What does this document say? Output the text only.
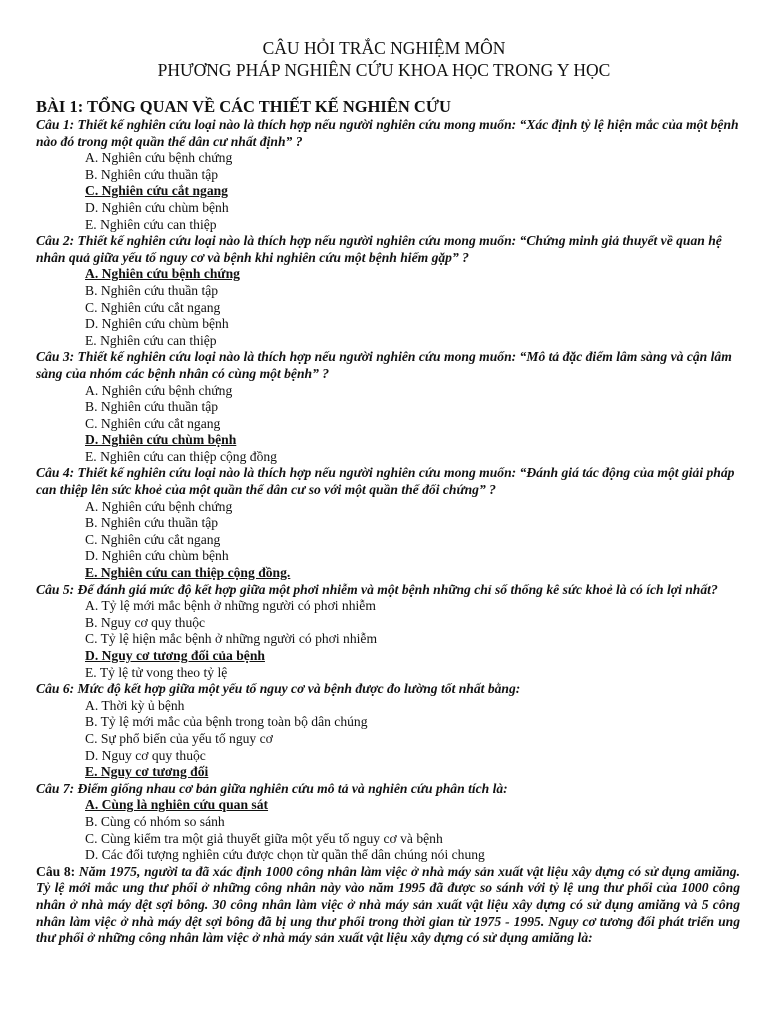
CÂU HỎI TRẮC NGHIỆM MÔN
PHƯƠNG PHÁP NGHIÊN CỨU KHOA HỌC TRONG Y HỌC

BÀI 1: TỔNG QUAN VỀ CÁC THIẾT KẾ NGHIÊN CỨU

Câu 1: Thiết kế nghiên cứu loại nào là thích hợp nếu người nghiên cứu mong muốn: “Xác định tỷ lệ hiện mắc của một bệnh nào đó trong một quần thể dân cư nhất định” ?

A. Nghiên cứu bệnh chứng

B. Nghiên cứu thuần tập

C. Nghiên cứu cắt ngang

D. Nghiên cứu chùm bệnh

E. Nghiên cứu can thiệp

Câu 2: Thiết kế nghiên cứu loại nào là thích hợp nếu người nghiên cứu mong muốn: “Chứng minh giả thuyết về quan hệ nhân quả giữa yếu tố nguy cơ và bệnh khi nghiên cứu một bệnh hiếm gặp” ?

A. Nghiên cứu bệnh chứng

B. Nghiên cứu thuần tập

C. Nghiên cứu cắt ngang

D. Nghiên cứu chùm bệnh

E. Nghiên cứu can thiệp

Câu 3: Thiết kế nghiên cứu loại nào là thích hợp nếu người nghiên cứu mong muốn: “Mô tả đặc điểm lâm sàng và cận lâm sàng của nhóm các bệnh nhân có cùng một bệnh” ?

A. Nghiên cứu bệnh chứng

B. Nghiên cứu thuần tập

C. Nghiên cứu cắt ngang

D. Nghiên cứu chùm bệnh

E. Nghiên cứu can thiệp cộng đồng

Câu 4: Thiết kế nghiên cứu loại nào là thích hợp nếu người nghiên cứu mong muốn: “Đánh giá tác động của một giải pháp can thiệp lên sức khoẻ của một quần thể dân cư so với một quần thể đối chứng” ?

A. Nghiên cứu bệnh chứng

B. Nghiên cứu thuần tập

C. Nghiên cứu cắt ngang

D. Nghiên cứu chùm bệnh

E. Nghiên cứu can thiệp cộng đồng.

Câu 5: Để đánh giá mức độ kết hợp giữa một phơi nhiễm và một bệnh những chỉ số thống kê sức khoẻ là có ích lợi nhất?

A. Tỷ lệ mới mắc bệnh ở những người có phơi nhiễm

B. Nguy cơ quy thuộc

C. Tỷ lệ hiện mắc bệnh ở những người có phơi nhiễm

D. Nguy cơ tương đối của bệnh

E. Tỷ lệ tử vong theo tỷ lệ

Câu 6: Mức độ kết hợp giữa một yếu tố nguy cơ và bệnh được đo lường tốt nhất bằng:

A. Thời kỳ ủ bệnh

B. Tỷ lệ mới mắc của bệnh trong toàn bộ dân chúng

C. Sự phổ biến của yếu tố nguy cơ

D. Nguy cơ quy thuộc

E. Nguy cơ tương đối

Câu 7: Điểm giống nhau cơ bản giữa nghiên cứu mô tả và nghiên cứu phân tích là:

A. Cùng là nghiên cứu quan sát

B. Cùng có nhóm so sánh

C. Cùng kiểm tra một giả thuyết giữa một yếu tố nguy cơ và bệnh

D. Các đối tượng nghiên cứu được chọn từ quần thể dân chúng nói chung

Câu 8: Năm 1975, người ta đã xác định 1000 công nhân làm việc ở nhà máy sản xuất vật liệu xây dựng có sử dụng amiăng. Tỷ lệ mới mắc ung thư phổi ở những công nhân này vào năm 1995 đã được so sánh với tỷ lệ ung thư phổi của 1000 công nhân ở nhà máy dệt sợi bông. 30 công nhân làm việc ở nhà máy sản xuất vật liệu xây dựng có sử dụng amiăng và 5 công nhân làm việc ở nhà máy dệt sợi bông đã bị ung thư phổi trong thời gian từ 1975 - 1995. Nguy cơ tương đối phát triển ung thư phổi ở những công nhân làm việc ở nhà máy sản xuất vật liệu xây dựng có sử dụng amiăng là:
